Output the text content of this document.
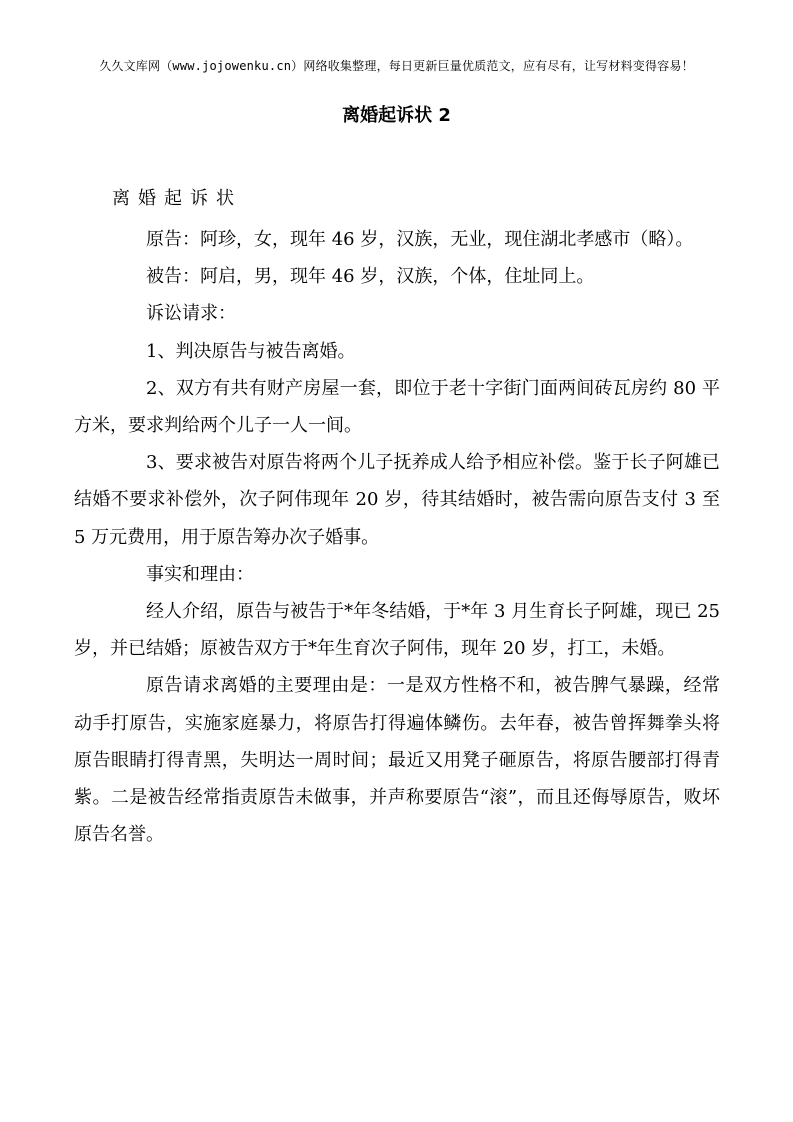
久久文库网（www.jojowenku.cn）网络收集整理，每日更新巨量优质范文，应有尽有，让写材料变得容易！
离婚起诉状 2
离婚起诉状

原告：阿珍，女，现年 46 岁，汉族，无业，现住湖北孝感市（略）。

被告：阿启，男，现年 46 岁，汉族，个体，住址同上。

诉讼请求：

1、判决原告与被告离婚。

2、双方有共有财产房屋一套，即位于老十字街门面两间砖瓦房约 80 平方米，要求判给两个儿子一人一间。

3、要求被告对原告将两个儿子抚养成人给予相应补偿。鉴于长子阿雄已结婚不要求补偿外，次子阿伟现年 20 岁，待其结婚时，被告需向原告支付 3 至 5 万元费用，用于原告筹办次子婚事。

事实和理由：

经人介绍，原告与被告于*年冬结婚，于*年 3 月生育长子阿雄，现已 25 岁，并已结婚；原被告双方于*年生育次子阿伟，现年 20 岁，打工，未婚。

原告请求离婚的主要理由是：一是双方性格不和，被告脾气暴躁，经常动手打原告，实施家庭暴力，将原告打得遍体鳞伤。去年春，被告曾挥舞拳头将原告眼睛打得青黑，失明达一周时间；最近又用凳子砸原告，将原告腰部打得青紫。二是被告经常指责原告未做事，并声称要原告“滚”，而且还侮辱原告，败坏原告名誉。
